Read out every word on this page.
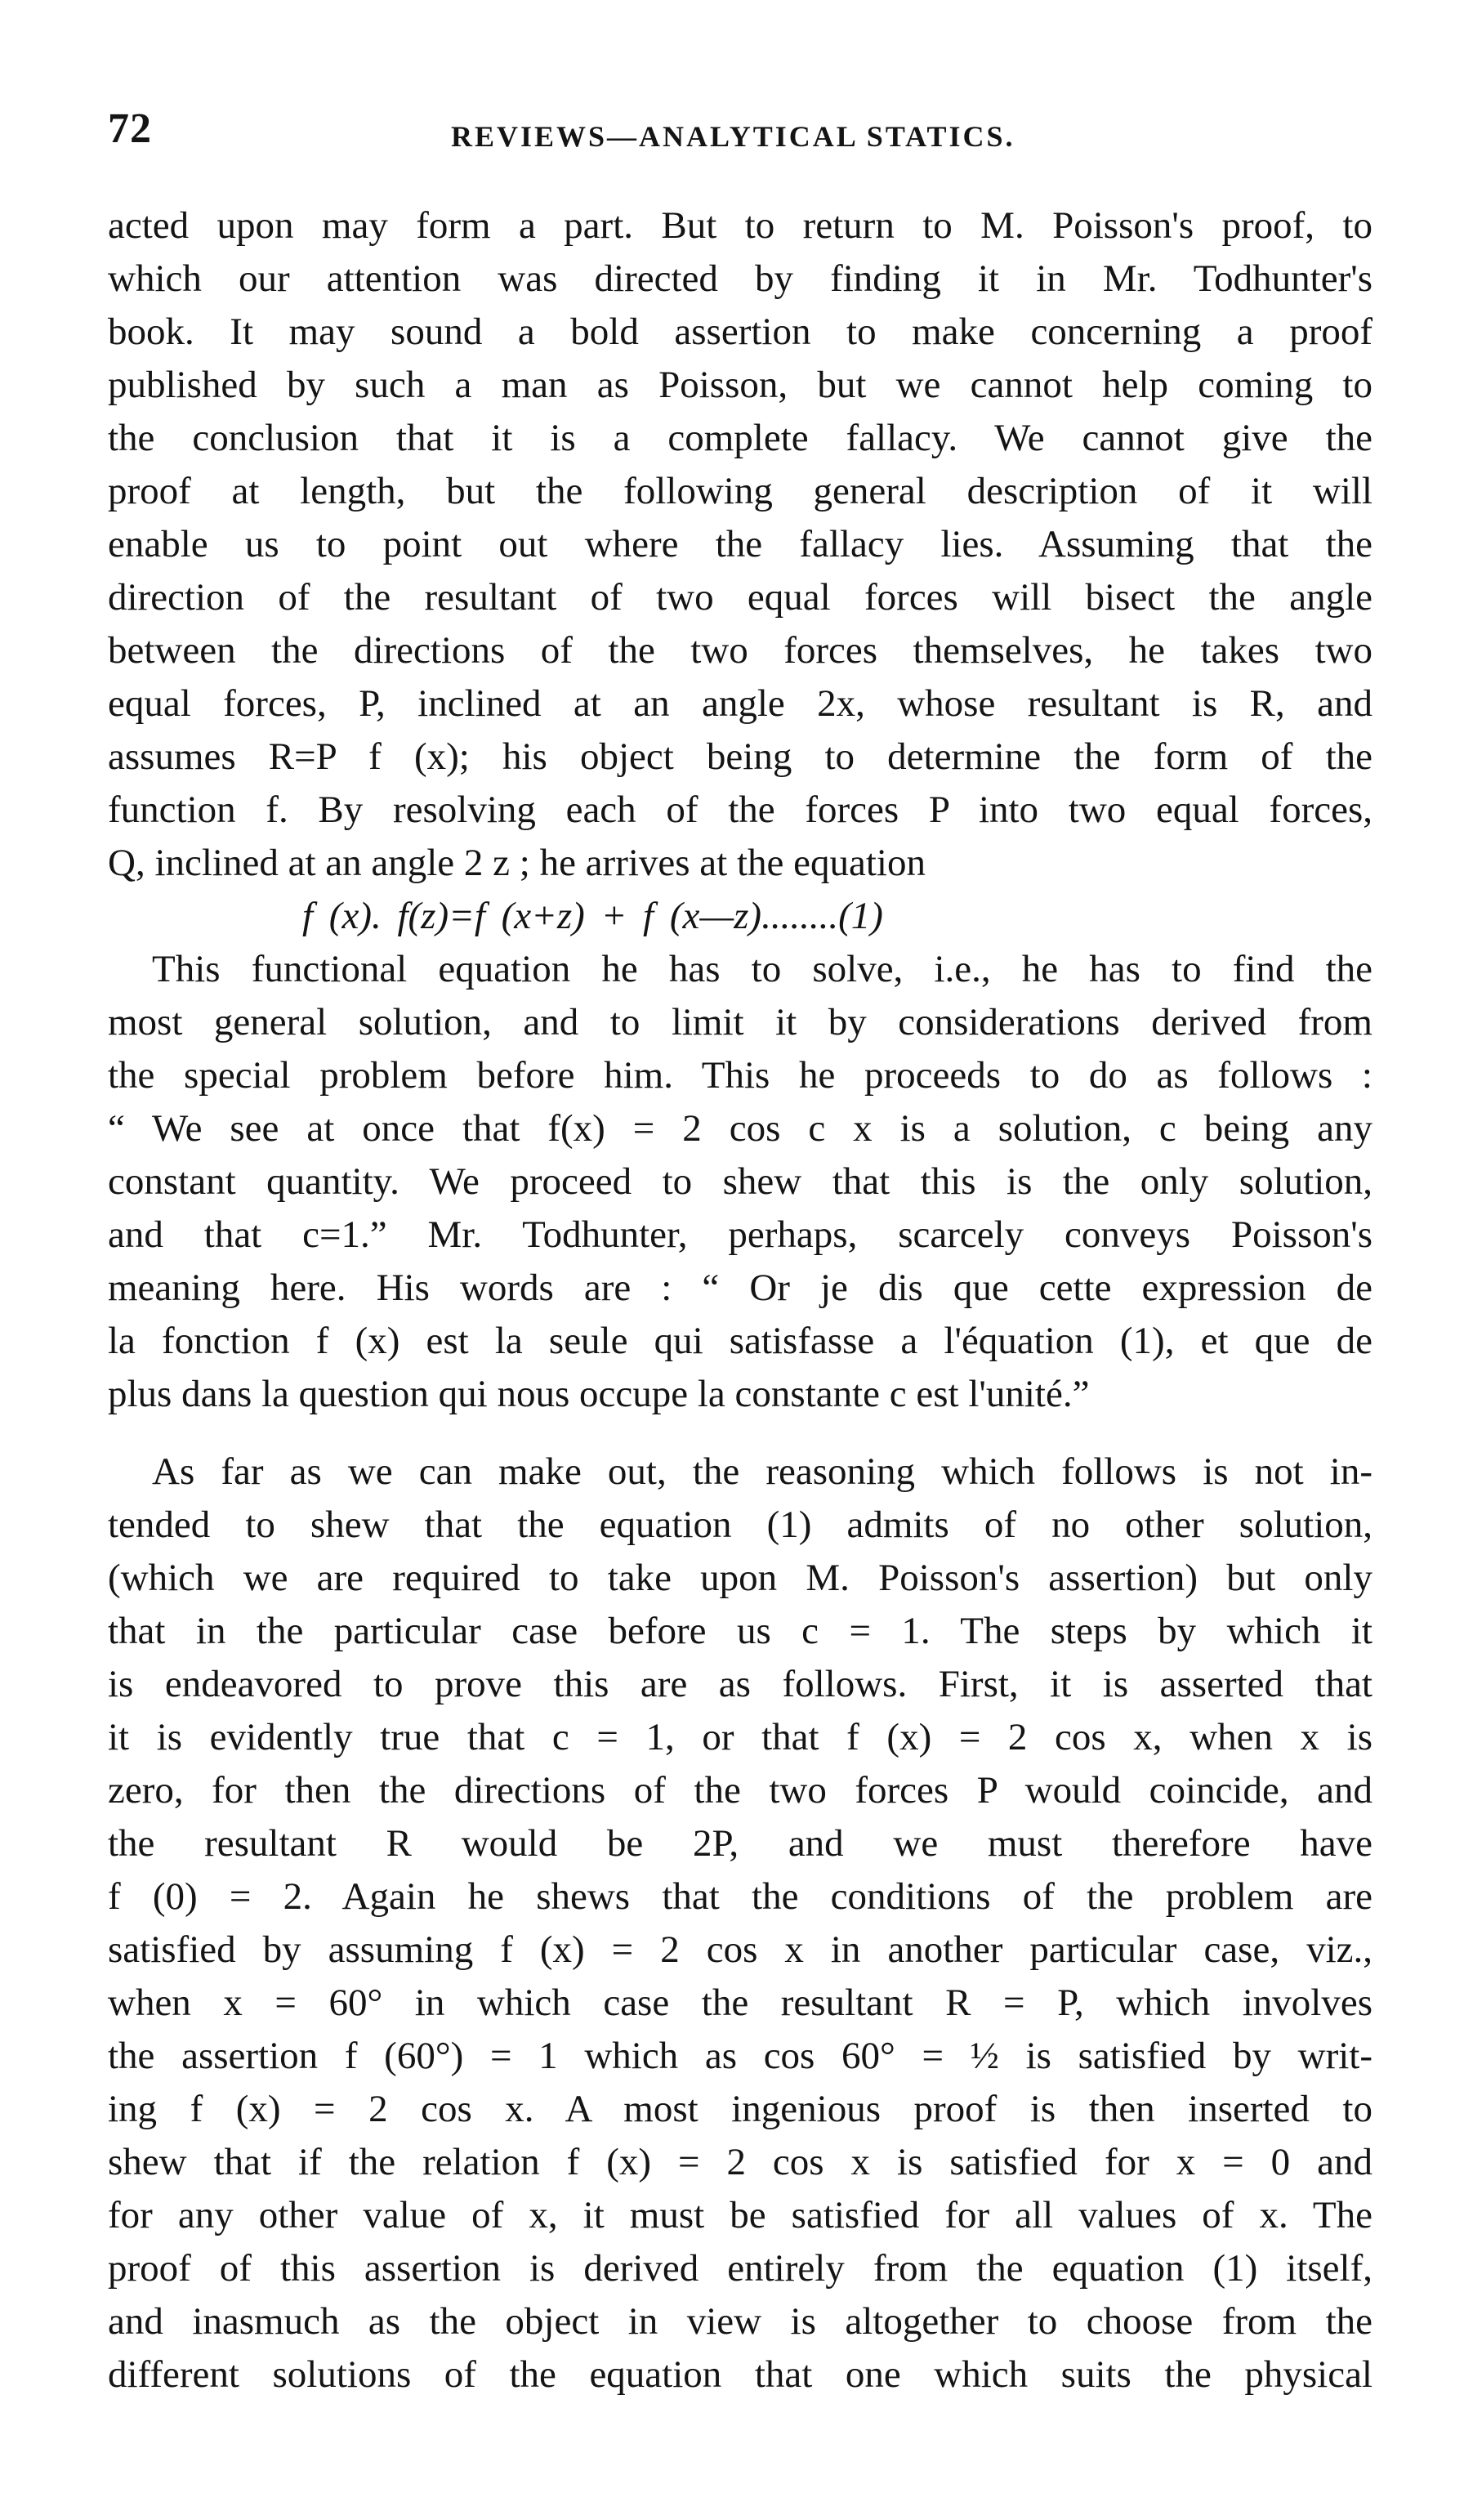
72	REVIEWS—ANALYTICAL STATICS.
acted upon may form a part. But to return to M. Poisson's proof, to
which our attention was directed by finding it in Mr. Todhunter's
book. It may sound a bold assertion to make concerning a proof
published by such a man as Poisson, but we cannot help coming to
the conclusion that it is a complete fallacy. We cannot give the
proof at length, but the following general description of it will
enable us to point out where the fallacy lies. Assuming that the
direction of the resultant of two equal forces will bisect the angle
between the directions of the two forces themselves, he takes two
equal forces, P, inclined at an angle 2x, whose resultant is R, and
assumes R=P f (x); his object being to determine the form of the
function f. By resolving each of the forces P into two equal forces,
Q, inclined at an angle 2 z ; he arrives at the equation
f (x). f(z)=f (x+z) + f (x—z)........(1)
This functional equation he has to solve, i.e., he has to find the
most general solution, and to limit it by considerations derived from
the special problem before him. This he proceeds to do as follows :
“ We see at once that f(x) = 2 cos c x is a solution, c being any
constant quantity. We proceed to shew that this is the only solution,
and that c=1.” Mr. Todhunter, perhaps, scarcely conveys Poisson's
meaning here. His words are : “ Or je dis que cette expression de
la fonction f (x) est la seule qui satisfasse a l'équation (1), et que de
plus dans la question qui nous occupe la constante c est l'unité.”
As far as we can make out, the reasoning which follows is not in-
tended to shew that the equation (1) admits of no other solution,
(which we are required to take upon M. Poisson's assertion) but only
that in the particular case before us c = 1. The steps by which it
is endeavored to prove this are as follows. First, it is asserted that
it is evidently true that c = 1, or that f (x) = 2 cos x, when x is
zero, for then the directions of the two forces P would coincide, and
the resultant R would be 2P, and we must therefore have
f (0) = 2. Again he shews that the conditions of the problem are
satisfied by assuming f (x) = 2 cos x in another particular case, viz.,
when x = 60° in which case the resultant R = P, which involves
the assertion f (60°) = 1 which as cos 60° = ½ is satisfied by writ-
ing f (x) = 2 cos x. A most ingenious proof is then inserted to
shew that if the relation f (x) = 2 cos x is satisfied for x = 0 and
for any other value of x, it must be satisfied for all values of x. The
proof of this assertion is derived entirely from the equation (1) itself,
and inasmuch as the object in view is altogether to choose from the
different solutions of the equation that one which suits the physical
